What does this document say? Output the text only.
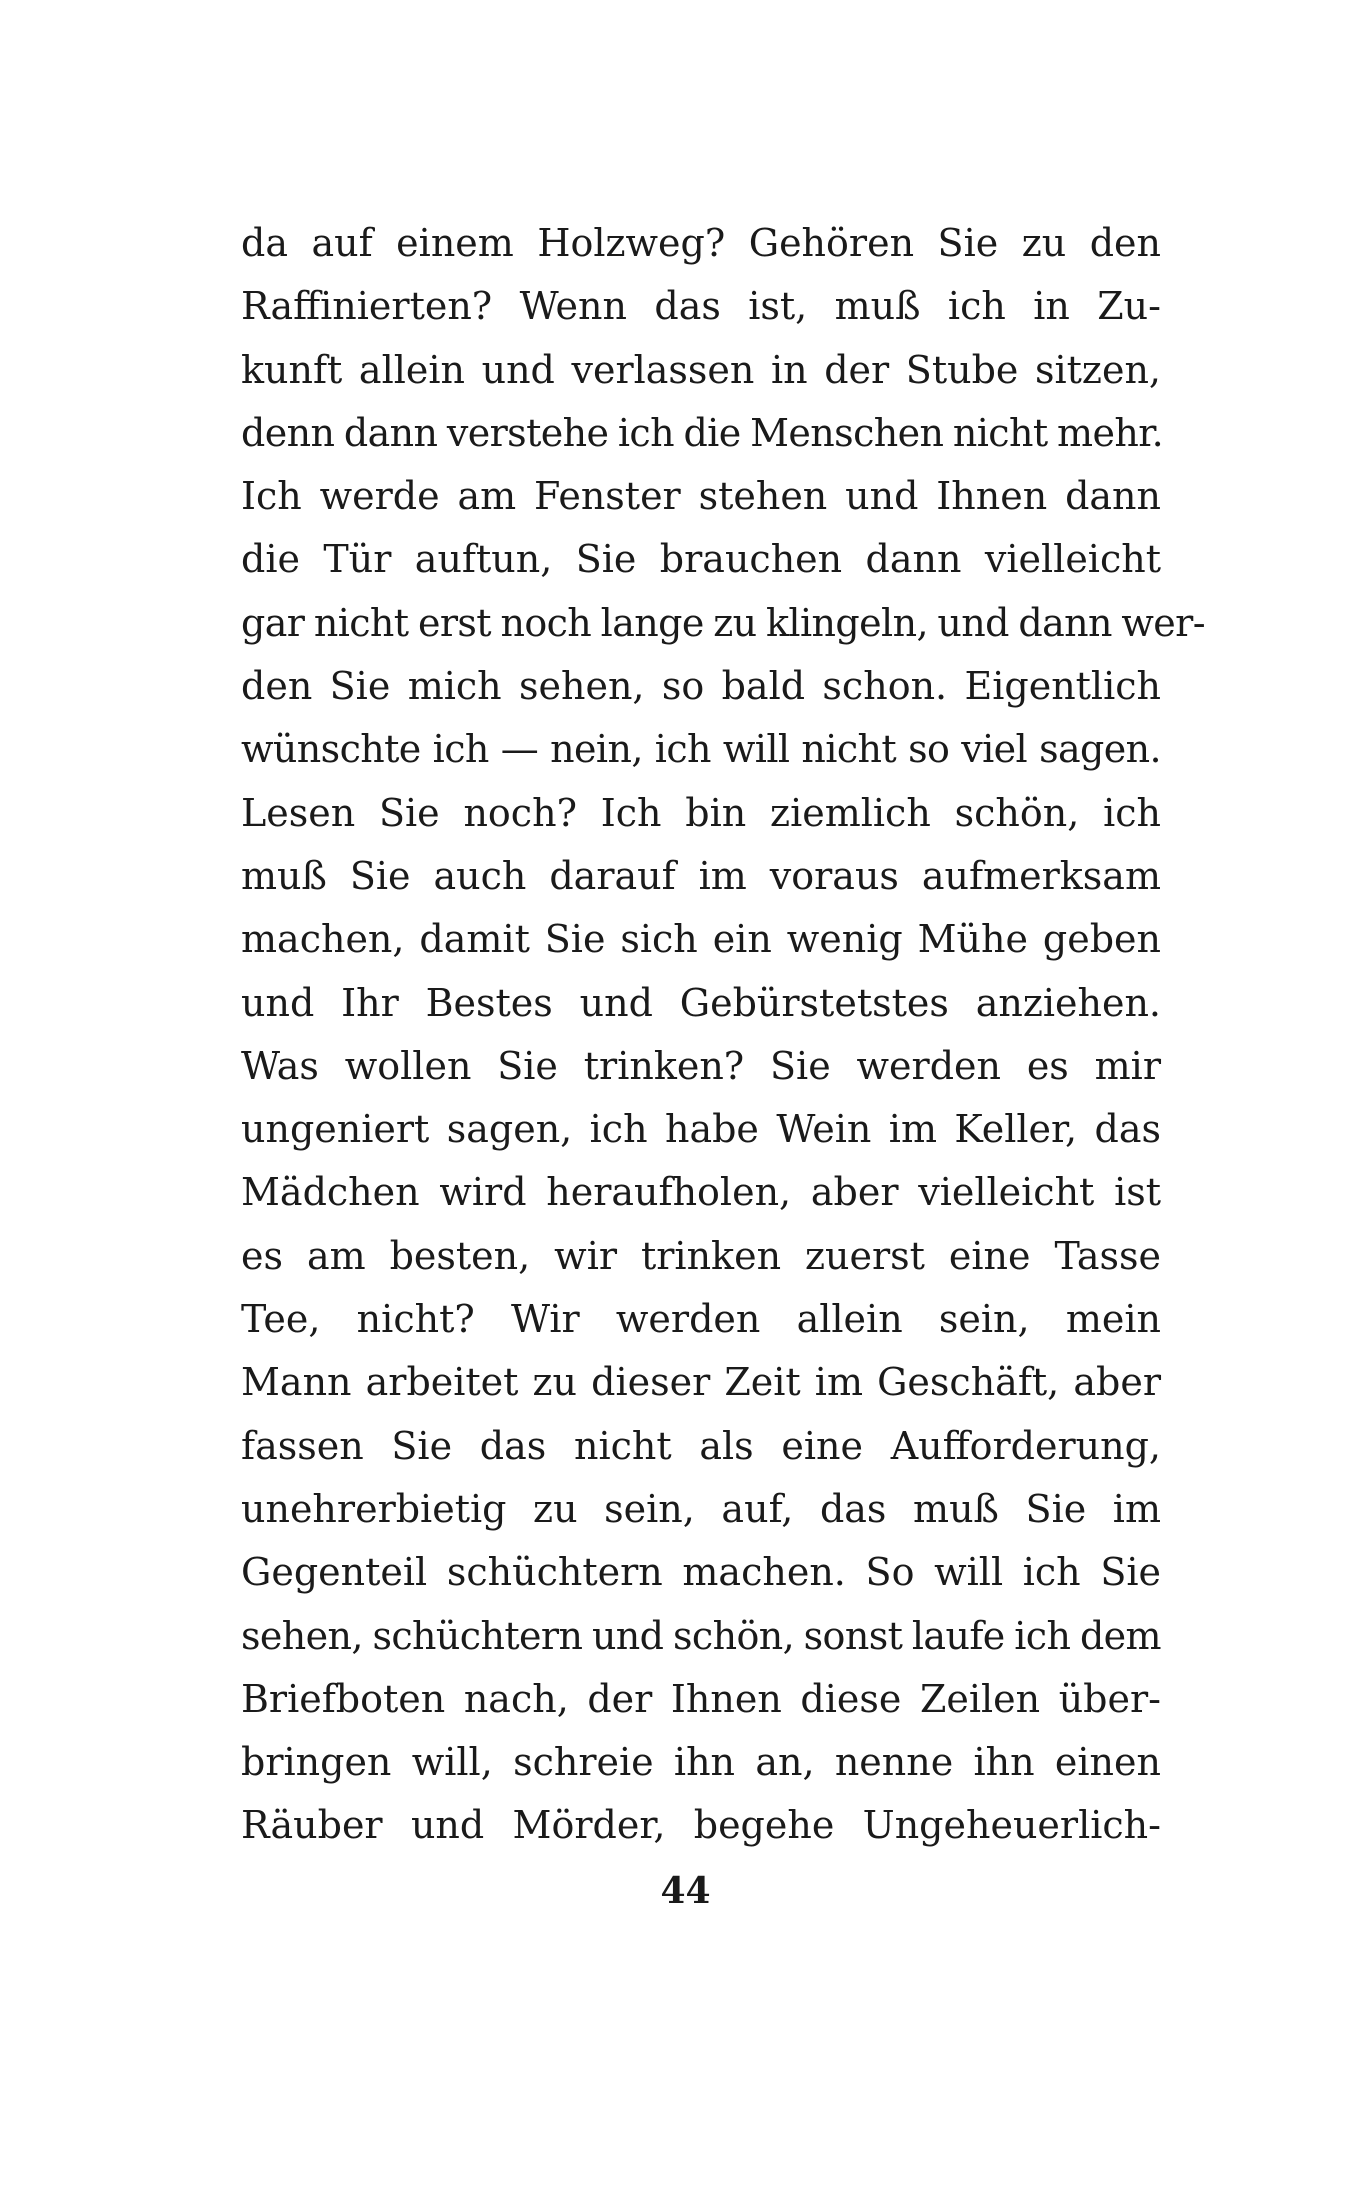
da auf einem Holzweg? Gehören Sie zu den
Raffinierten? Wenn das ist, muß ich in Zu-
kunft allein und verlassen in der Stube sitzen,
denn dann verstehe ich die Menschen nicht mehr.
Ich werde am Fenster stehen und Ihnen dann
die Tür auftun, Sie brauchen dann vielleicht
gar nicht erst noch lange zu klingeln, und dann wer-
den Sie mich sehen, so bald schon. Eigentlich
wünschte ich — nein, ich will nicht so viel sagen.
Lesen Sie noch? Ich bin ziemlich schön, ich
muß Sie auch darauf im voraus aufmerksam
machen, damit Sie sich ein wenig Mühe geben
und Ihr Bestes und Gebürstetstes anziehen.
Was wollen Sie trinken? Sie werden es mir
ungeniert sagen, ich habe Wein im Keller, das
Mädchen wird heraufholen, aber vielleicht ist
es am besten, wir trinken zuerst eine Tasse
Tee, nicht? Wir werden allein sein, mein
Mann arbeitet zu dieser Zeit im Geschäft, aber
fassen Sie das nicht als eine Aufforderung,
unehrerbietig zu sein, auf, das muß Sie im
Gegenteil schüchtern machen. So will ich Sie
sehen, schüchtern und schön, sonst laufe ich dem
Briefboten nach, der Ihnen diese Zeilen über-
bringen will, schreie ihn an, nenne ihn einen
Räuber und Mörder, begehe Ungeheuerlich-
44
